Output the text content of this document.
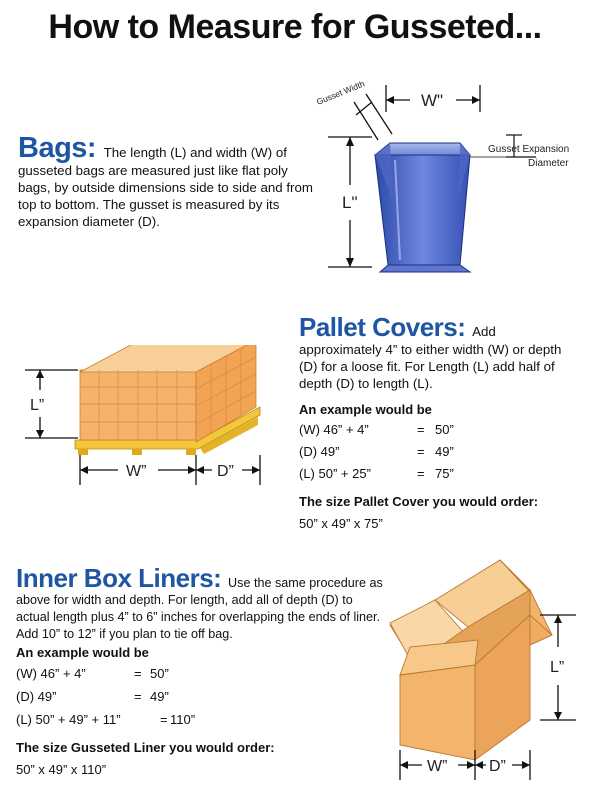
How to Measure for Gusseted...
Bags: The length (L) and width (W) of gusseted bags are measured just like flat poly bags, by outside dimensions side to side and from top to bottom. The gusset is measured by its expansion diameter (D).
Gusset Width	W"
L"
Gusset Expansion
Diameter
Pallet Covers: Add approximately 4” to either width (W) or depth (D) for a loose fit. For Length (L) add half of depth (D) to length (L).
An example would be
(W) 46” + 4”	= 50”
(D) 49”	= 49”
(L) 50” + 25”	= 75”
The size Pallet Cover you would order:
50” x 49” x 75”
L”
W”	D”
Inner Box Liners: Use the same procedure as above for width and depth. For length, add all of depth (D) to actual length plus 4” to 6” inches for overlapping the ends of liner. Add 10” to 12” if you plan to tie off bag.
An example would be
(W) 46” + 4”	= 50”
(D) 49”	= 49”
(L) 50” + 49” + 11”	= 110”
The size Gusseted Liner you would order:
50” x 49” x 110”
L”
W”	D”
